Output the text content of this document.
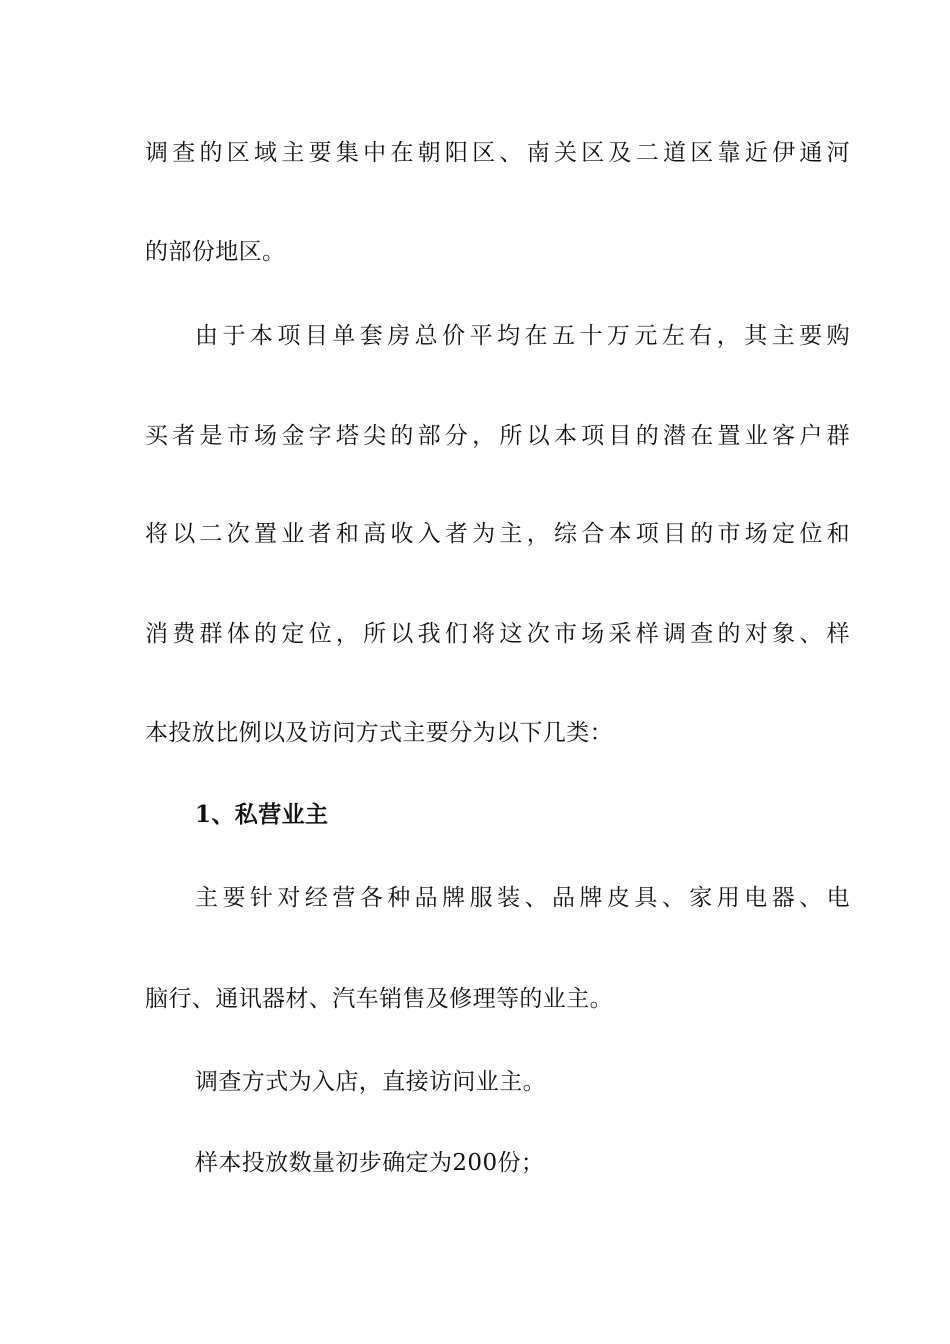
调查的区域主要集中在朝阳区、南关区及二道区靠近伊通河
的部份地区。
由于本项目单套房总价平均在五十万元左右，其主要购
买者是市场金字塔尖的部分，所以本项目的潜在置业客户群
将以二次置业者和高收入者为主，综合本项目的市场定位和
消费群体的定位，所以我们将这次市场采样调查的对象、样
本投放比例以及访问方式主要分为以下几类：
1、私营业主
主要针对经营各种品牌服装、品牌皮具、家用电器、电
脑行、通讯器材、汽车销售及修理等的业主。
调查方式为入店，直接访问业主。
样本投放数量初步确定为200份；
